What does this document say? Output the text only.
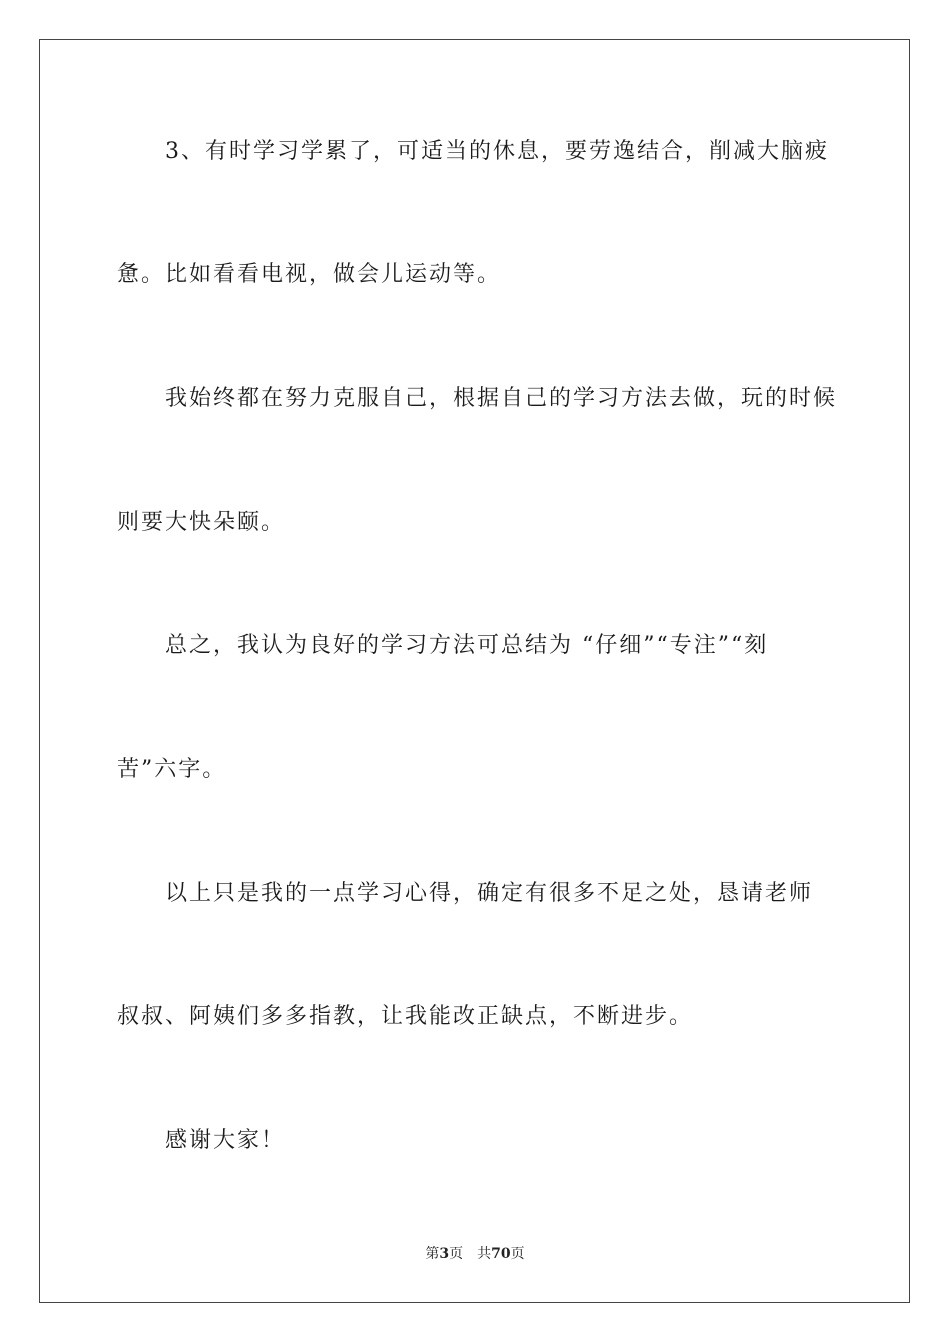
3、有时学习学累了，可适当的休息，要劳逸结合，削减大脑疲
惫。比如看看电视，做会儿运动等。
我始终都在努力克服自己，根据自己的学习方法去做，玩的时候
则要大快朵颐。
总之，我认为良好的学习方法可总结为 “仔细”“专注”“刻
苦”六字。
以上只是我的一点学习心得，确定有很多不足之处，恳请老师
叔叔、阿姨们多多指教，让我能改正缺点，不断进步。
感谢大家！
第3页 共70页
